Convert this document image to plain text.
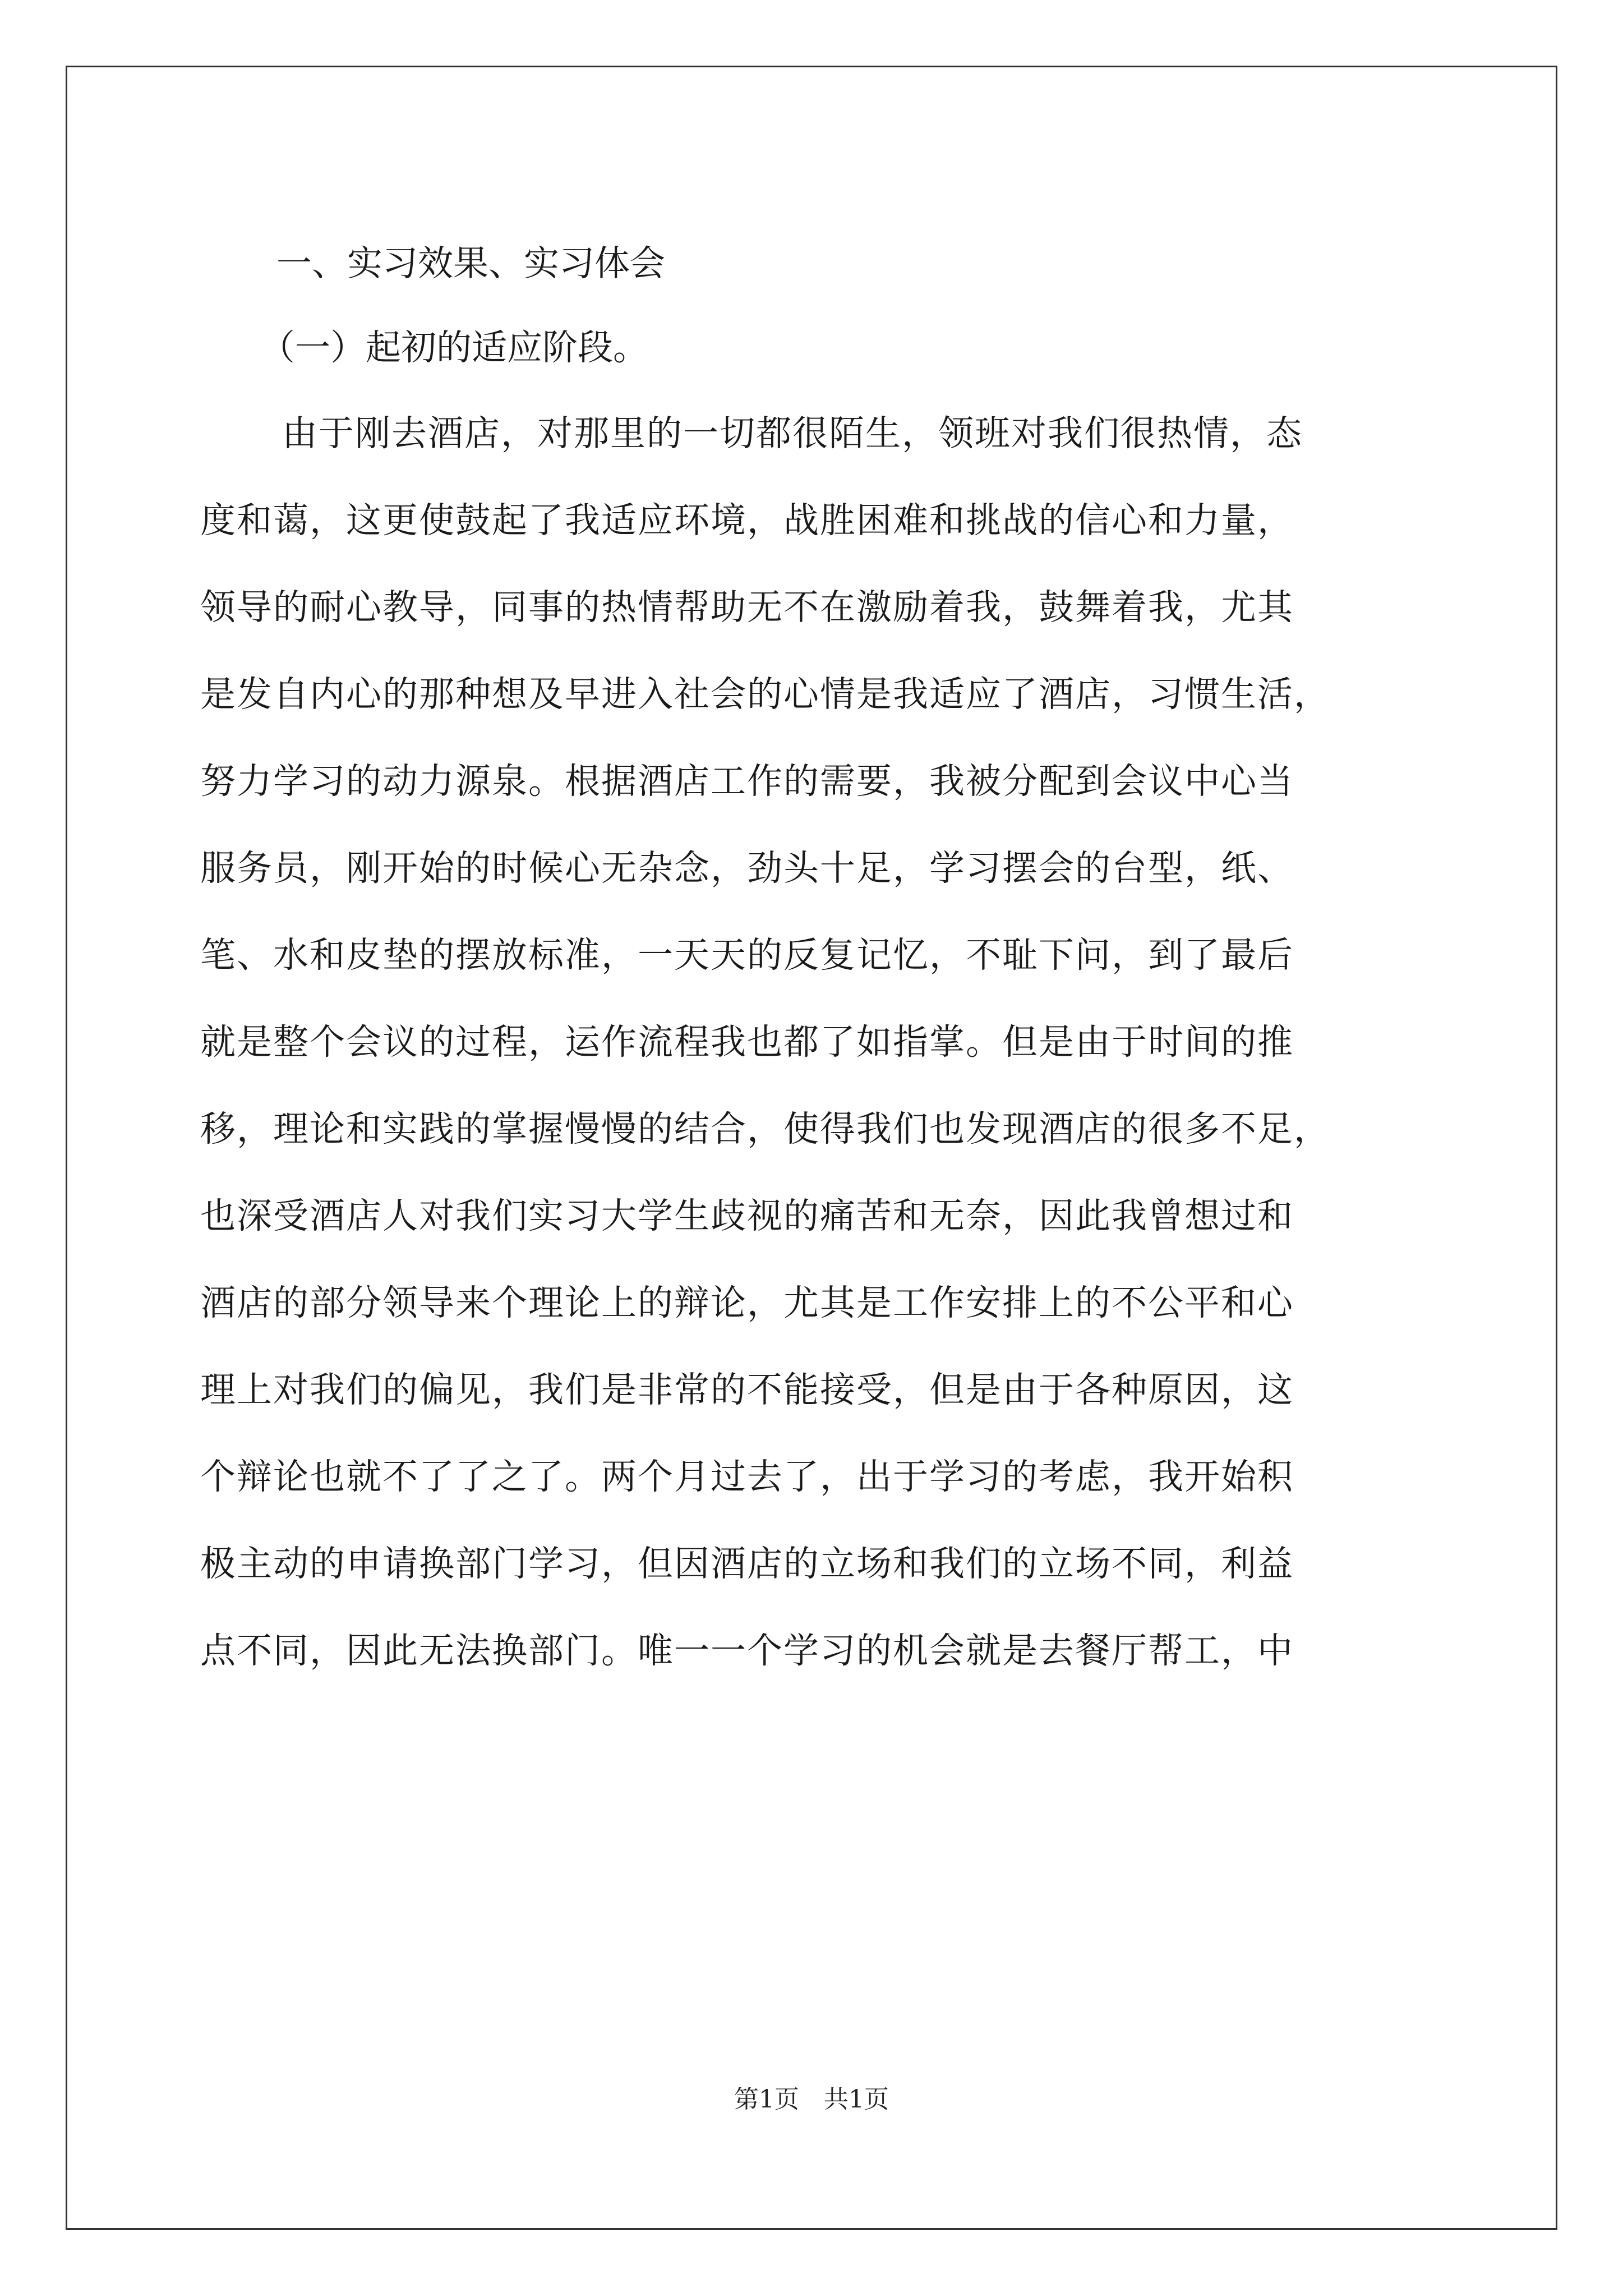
一、实习效果、实习体会

（一）起初的适应阶段。

由于刚去酒店，对那里的一切都很陌生，领班对我们很热情，态

度和蔼，这更使鼓起了我适应环境，战胜困难和挑战的信心和力量，

领导的耐心教导，同事的热情帮助无不在激励着我，鼓舞着我，尤其

是发自内心的那种想及早进入社会的心情是我适应了酒店，习惯生活，

努力学习的动力源泉。根据酒店工作的需要，我被分配到会议中心当

服务员，刚开始的时候心无杂念，劲头十足，学习摆会的台型，纸、

笔、水和皮垫的摆放标准，一天天的反复记忆，不耻下问，到了最后

就是整个会议的过程，运作流程我也都了如指掌。但是由于时间的推

移，理论和实践的掌握慢慢的结合，使得我们也发现酒店的很多不足，

也深受酒店人对我们实习大学生歧视的痛苦和无奈，因此我曾想过和

酒店的部分领导来个理论上的辩论，尤其是工作安排上的不公平和心

理上对我们的偏见，我们是非常的不能接受，但是由于各种原因，这

个辩论也就不了了之了。两个月过去了，出于学习的考虑，我开始积

极主动的申请换部门学习，但因酒店的立场和我们的立场不同，利益

点不同，因此无法换部门。唯一一个学习的机会就是去餐厅帮工，中

第1页　共1页
